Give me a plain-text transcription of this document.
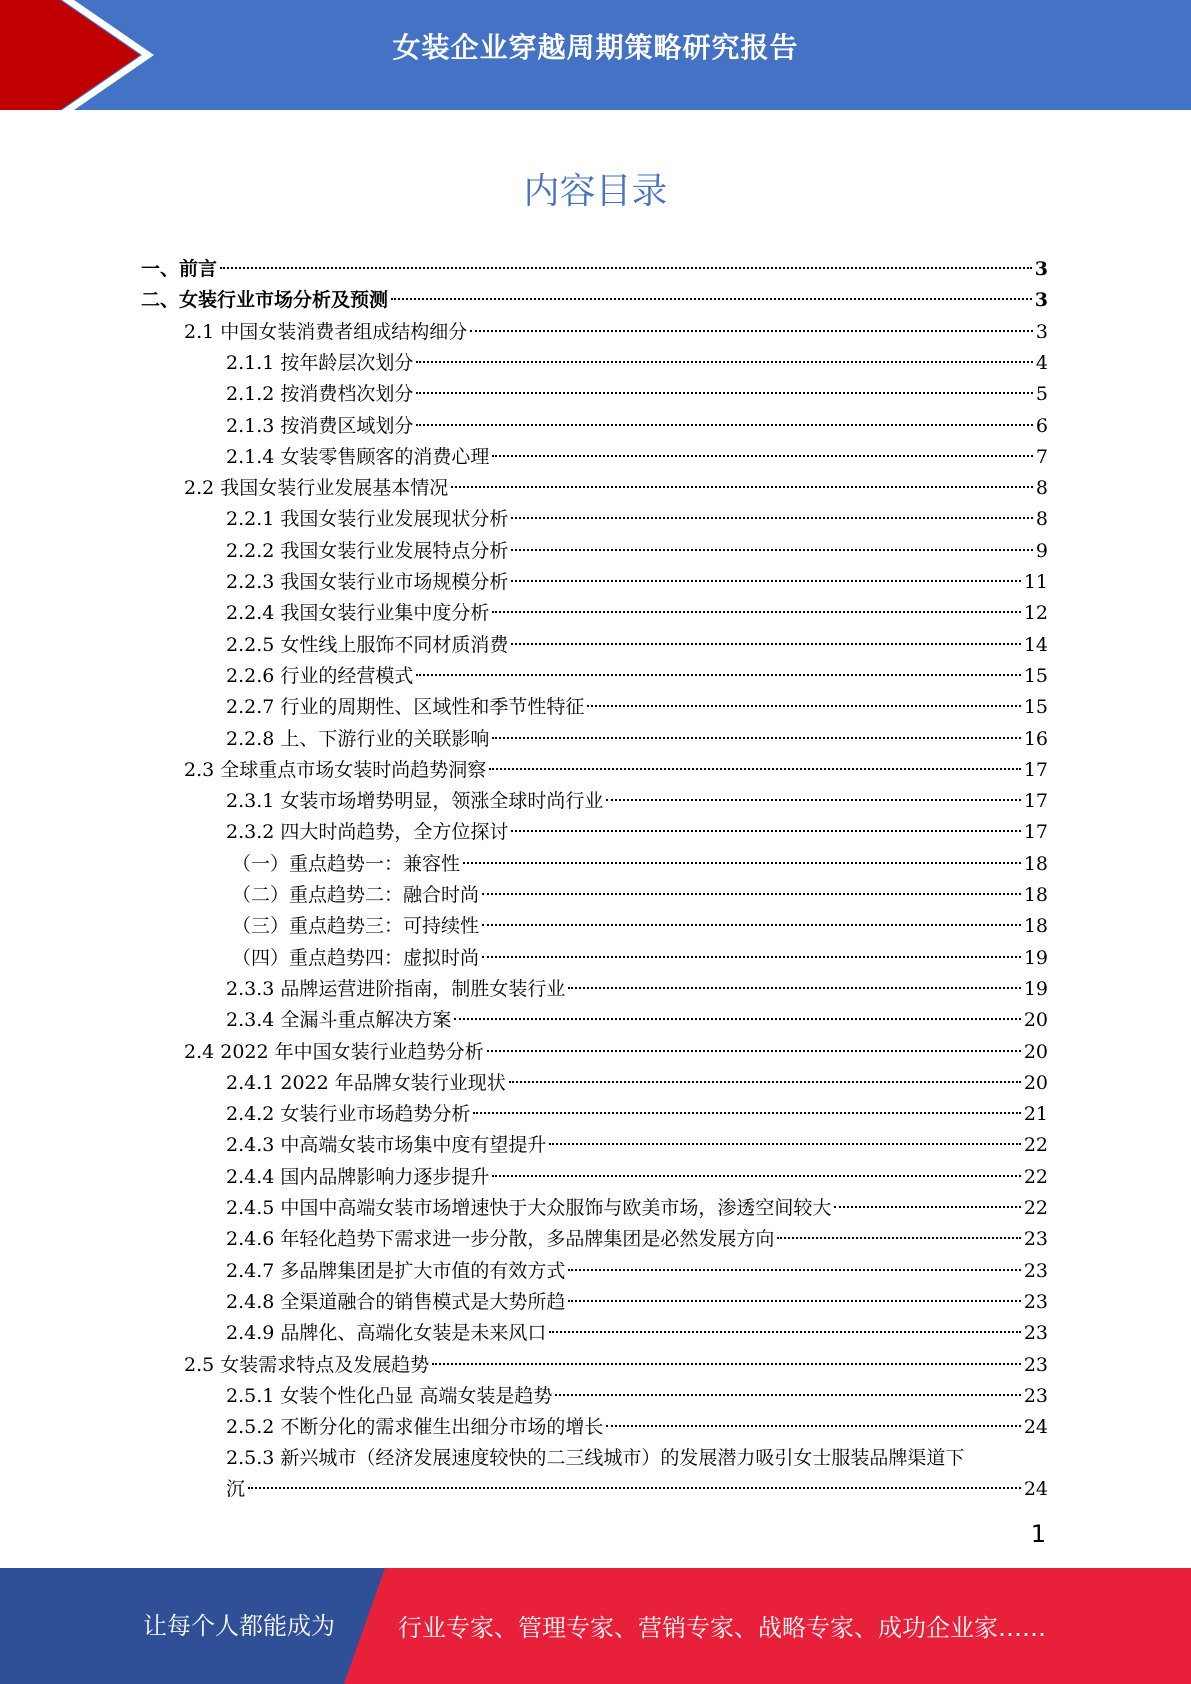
女装企业穿越周期策略研究报告
内容目录
一、前言	3
二、女装行业市场分析及预测	3
2.1 中国女装消费者组成结构细分	3
2.1.1 按年龄层次划分	4
2.1.2 按消费档次划分	5
2.1.3 按消费区域划分	6
2.1.4 女装零售顾客的消费心理	7
2.2 我国女装行业发展基本情况	8
2.2.1 我国女装行业发展现状分析	8
2.2.2 我国女装行业发展特点分析	9
2.2.3 我国女装行业市场规模分析	11
2.2.4 我国女装行业集中度分析	12
2.2.5 女性线上服饰不同材质消费	14
2.2.6 行业的经营模式	15
2.2.7 行业的周期性、区域性和季节性特征	15
2.2.8 上、下游行业的关联影响	16
2.3 全球重点市场女装时尚趋势洞察	17
2.3.1 女装市场增势明显，领涨全球时尚行业	17
2.3.2 四大时尚趋势，全方位探讨	17
（一）重点趋势一：兼容性	18
（二）重点趋势二：融合时尚	18
（三）重点趋势三：可持续性	18
（四）重点趋势四：虚拟时尚	19
2.3.3 品牌运营进阶指南，制胜女装行业	19
2.3.4 全漏斗重点解决方案	20
2.4 2022 年中国女装行业趋势分析	20
2.4.1 2022 年品牌女装行业现状	20
2.4.2 女装行业市场趋势分析	21
2.4.3 中高端女装市场集中度有望提升	22
2.4.4 国内品牌影响力逐步提升	22
2.4.5 中国中高端女装市场增速快于大众服饰与欧美市场，渗透空间较大	22
2.4.6 年轻化趋势下需求进一步分散，多品牌集团是必然发展方向	23
2.4.7 多品牌集团是扩大市值的有效方式	23
2.4.8 全渠道融合的销售模式是大势所趋	23
2.4.9 品牌化、高端化女装是未来风口	23
2.5 女装需求特点及发展趋势	23
2.5.1 女装个性化凸显 高端女装是趋势	23
2.5.2 不断分化的需求催生出细分市场的增长	24
2.5.3 新兴城市（经济发展速度较快的二三线城市）的发展潜力吸引女士服装品牌渠道下
沉	24
1
让每个人都能成为	行业专家、管理专家、营销专家、战略专家、成功企业家……
